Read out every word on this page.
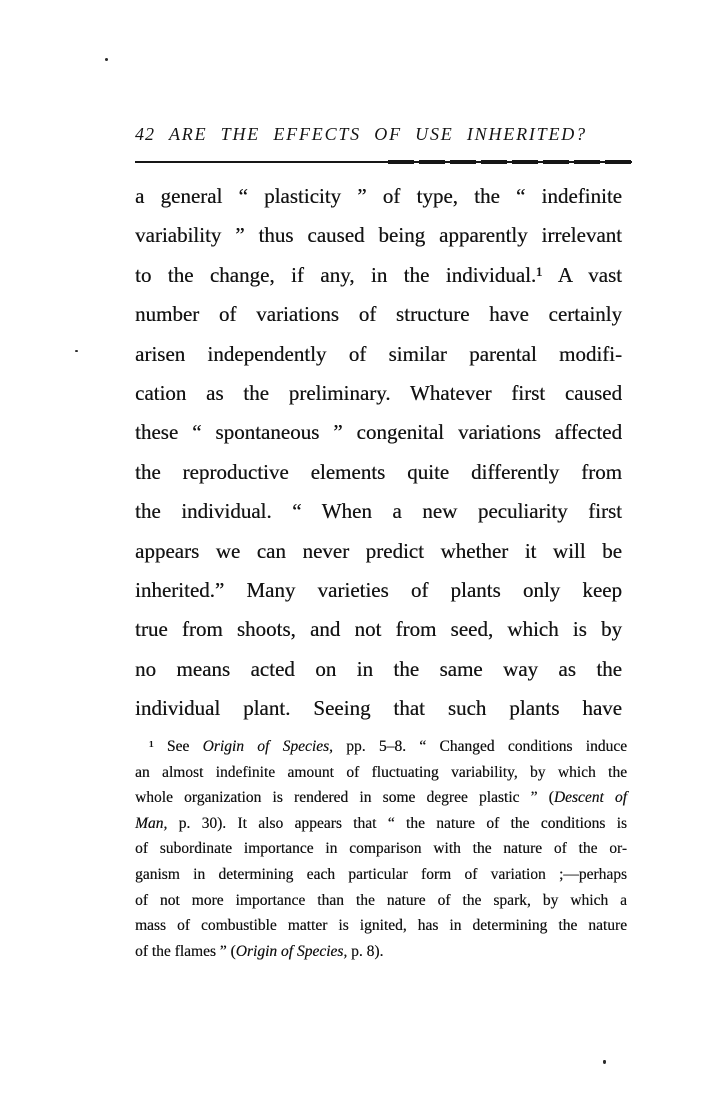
42 ARE THE EFFECTS OF USE INHERITED?
a general “ plasticity ” of type, the “ indefinite
variability ” thus caused being apparently irrelevant
to the change, if any, in the individual.¹ A vast
number of variations of structure have certainly
arisen independently of similar parental modifi-
cation as the preliminary. Whatever first caused
these “ spontaneous ” congenital variations affected
the reproductive elements quite differently from
the individual. “ When a new peculiarity first
appears we can never predict whether it will be
inherited.” Many varieties of plants only keep
true from shoots, and not from seed, which is by
no means acted on in the same way as the
individual plant. Seeing that such plants have
¹ See Origin of Species, pp. 5–8. “ Changed conditions induce
an almost indefinite amount of fluctuating variability, by which the
whole organization is rendered in some degree plastic ” (Descent of
Man, p. 30). It also appears that “ the nature of the conditions is
of subordinate importance in comparison with the nature of the or-
ganism in determining each particular form of variation ;—perhaps
of not more importance than the nature of the spark, by which a
mass of combustible matter is ignited, has in determining the nature
of the flames ” (Origin of Species, p. 8).
